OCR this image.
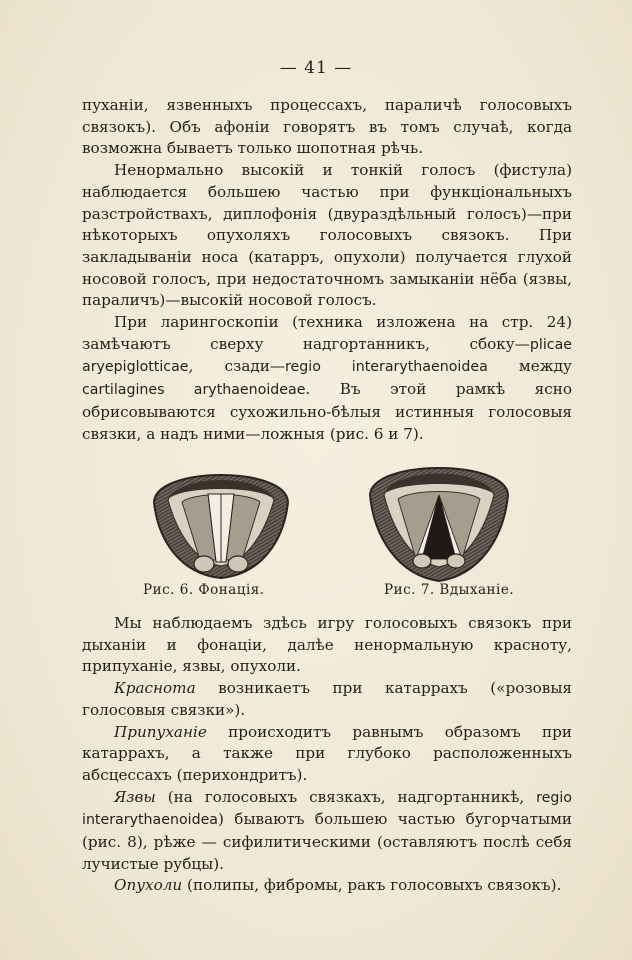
— 41 —

пуханіи, язвенныхъ процессахъ, параличѣ голосовыхъ связокъ). Объ афоніи говорятъ въ томъ случаѣ, когда возможна бываетъ только шопотная рѣчь.

Ненормально высокій и тонкій голосъ (фистула) наблюдается большею частью при функціональныхъ разстройствахъ, диплофонія (двураздѣльный голосъ)—при нѣкоторыхъ опухоляхъ голосовыхъ связокъ. При закладываніи носа (катарръ, опухоли) получается глухой носовой голосъ, при недостаточномъ замыканіи нёба (язвы, параличъ)—высокій носовой голосъ.

При ларингоскопіи (техника изложена на стр. 24) замѣчаютъ сверху надгортанникъ, сбоку—plicae aryepiglotticae, сзади—regio interarythaenoidea между cartilagines arythaenoideae. Въ этой рамкѣ ясно обрисовываются сухожильно-бѣлыя истинныя голосовыя связки, а надъ ними—ложныя (рис. 6 и 7).

Рис. 6. Фонація.	Рис. 7. Вдыханіе.

Мы наблюдаемъ здѣсь игру голосовыхъ связокъ при дыханіи и фонаціи, далѣе ненормальную красноту, припуханіе, язвы, опухоли.

Краснота возникаетъ при катаррахъ («розовыя голосовыя связки»).

Припуханіе происходитъ равнымъ образомъ при катаррахъ, а также при глубоко расположенныхъ абсцессахъ (перихондритъ).

Язвы (на голосовыхъ связкахъ, надгортанникѣ, regio interarythaenoidea) бываютъ большею частью бугорчатыми (рис. 8), рѣже — сифилитическими (оставляютъ послѣ себя лучистые рубцы).

Опухоли (полипы, фибромы, ракъ голосовыхъ связокъ).
